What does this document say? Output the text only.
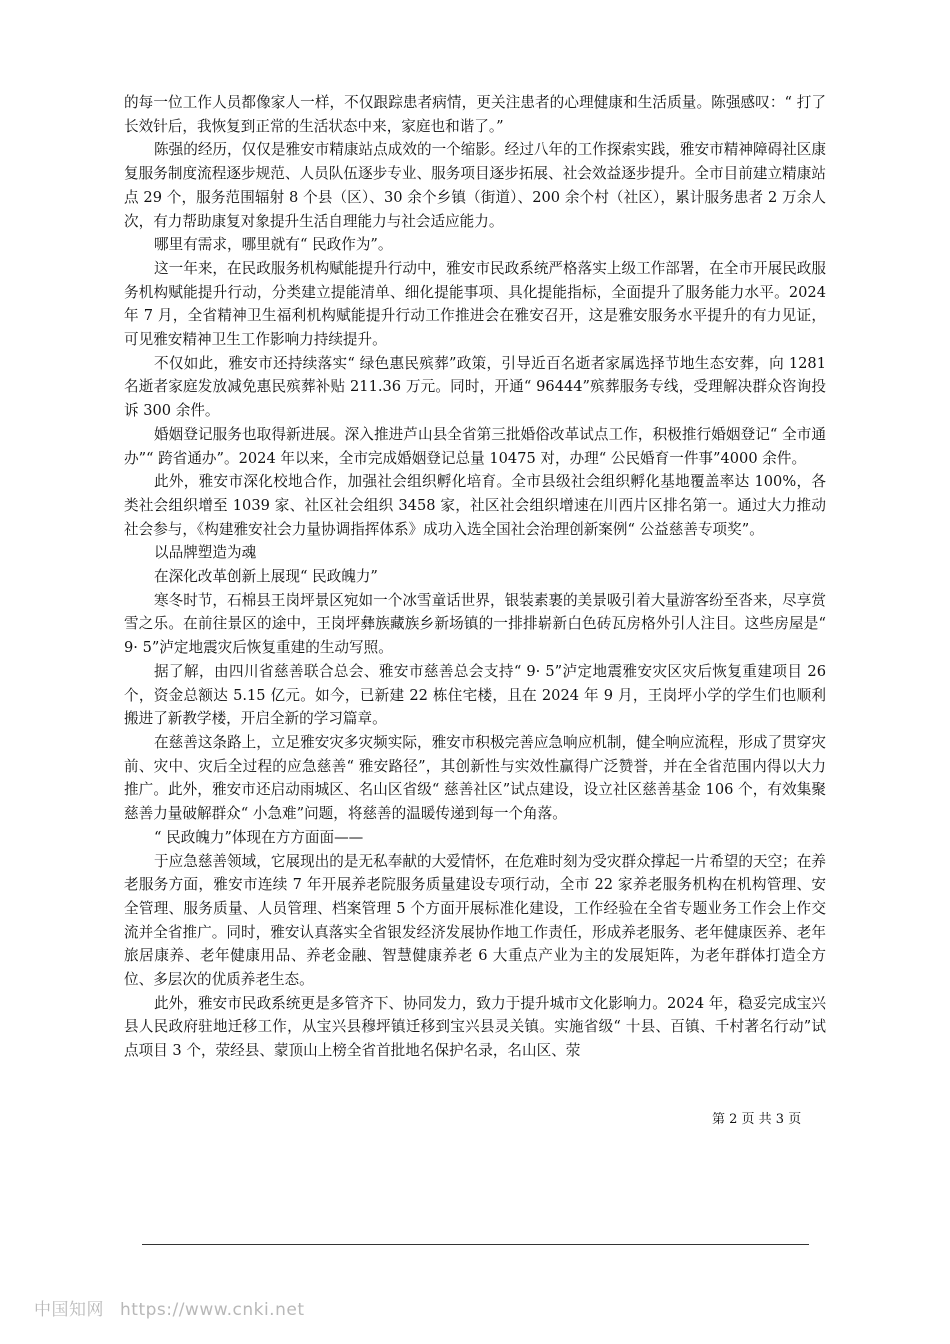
的每一位工作人员都像家人一样，不仅跟踪患者病情，更关注患者的心理健康和生活质量。陈强感叹：“ 打了长效针后，我恢复到正常的生活状态中来，家庭也和谐了。”

陈强的经历，仅仅是雅安市精康站点成效的一个缩影。经过八年的工作探索实践，雅安市精神障碍社区康复服务制度流程逐步规范、人员队伍逐步专业、服务项目逐步拓展、社会效益逐步提升。全市目前建立精康站点 29 个，服务范围辐射 8 个县（区）、30 余个乡镇（街道）、200 余个村（社区），累计服务患者 2 万余人次，有力帮助康复对象提升生活自理能力与社会适应能力。

哪里有需求，哪里就有“ 民政作为”。

这一年来，在民政服务机构赋能提升行动中，雅安市民政系统严格落实上级工作部署，在全市开展民政服务机构赋能提升行动，分类建立提能清单、细化提能事项、具化提能指标，全面提升了服务能力水平。2024 年 7 月，全省精神卫生福利机构赋能提升行动工作推进会在雅安召开，这是雅安服务水平提升的有力见证，可见雅安精神卫生工作影响力持续提升。

不仅如此，雅安市还持续落实“ 绿色惠民殡葬”政策，引导近百名逝者家属选择节地生态安葬，向 1281 名逝者家庭发放减免惠民殡葬补贴 211.36 万元。同时，开通“ 96444”殡葬服务专线，受理解决群众咨询投诉 300 余件。

婚姻登记服务也取得新进展。深入推进芦山县全省第三批婚俗改革试点工作，积极推行婚姻登记“ 全市通办”“ 跨省通办”。2024 年以来，全市完成婚姻登记总量 10475 对，办理“ 公民婚育一件事”4000 余件。

此外，雅安市深化校地合作，加强社会组织孵化培育。全市县级社会组织孵化基地覆盖率达 100%，各类社会组织增至 1039 家、社区社会组织 3458 家，社区社会组织增速在川西片区排名第一。通过大力推动社会参与，《构建雅安社会力量协调指挥体系》成功入选全国社会治理创新案例“ 公益慈善专项奖”。

以品牌塑造为魂

在深化改革创新上展现“ 民政魄力”

寒冬时节，石棉县王岗坪景区宛如一个冰雪童话世界，银装素裹的美景吸引着大量游客纷至沓来，尽享赏雪之乐。在前往景区的途中，王岗坪彝族藏族乡新场镇的一排排崭新白色砖瓦房格外引人注目。这些房屋是“ 9· 5”泸定地震灾后恢复重建的生动写照。

据了解，由四川省慈善联合总会、雅安市慈善总会支持“ 9· 5”泸定地震雅安灾区灾后恢复重建项目 26 个，资金总额达 5.15 亿元。如今，已新建 22 栋住宅楼，且在 2024 年 9 月，王岗坪小学的学生们也顺利搬进了新教学楼，开启全新的学习篇章。

在慈善这条路上，立足雅安灾多灾频实际，雅安市积极完善应急响应机制，健全响应流程，形成了贯穿灾前、灾中、灾后全过程的应急慈善“ 雅安路径”，其创新性与实效性赢得广泛赞誉，并在全省范围内得以大力推广。此外，雅安市还启动雨城区、名山区省级“ 慈善社区”试点建设，设立社区慈善基金 106 个，有效集聚慈善力量破解群众“ 小急难”问题，将慈善的温暖传递到每一个角落。

“ 民政魄力”体现在方方面面——

于应急慈善领域，它展现出的是无私奉献的大爱情怀，在危难时刻为受灾群众撑起一片希望的天空；在养老服务方面，雅安市连续 7 年开展养老院服务质量建设专项行动，全市 22 家养老服务机构在机构管理、安全管理、服务质量、人员管理、档案管理 5 个方面开展标准化建设，工作经验在全省专题业务工作会上作交流并全省推广。同时，雅安认真落实全省银发经济发展协作地工作责任，形成养老服务、老年健康医养、老年旅居康养、老年健康用品、养老金融、智慧健康养老 6 大重点产业为主的发展矩阵，为老年群体打造全方位、多层次的优质养老生态。

此外，雅安市民政系统更是多管齐下、协同发力，致力于提升城市文化影响力。2024 年，稳妥完成宝兴县人民政府驻地迁移工作，从宝兴县穆坪镇迁移到宝兴县灵关镇。实施省级“ 十县、百镇、千村著名行动”试点项目 3 个，荥经县、蒙顶山上榜全省首批地名保护名录，名山区、荥

第 2 页 共 3 页
中国知网 https://www.cnki.net
